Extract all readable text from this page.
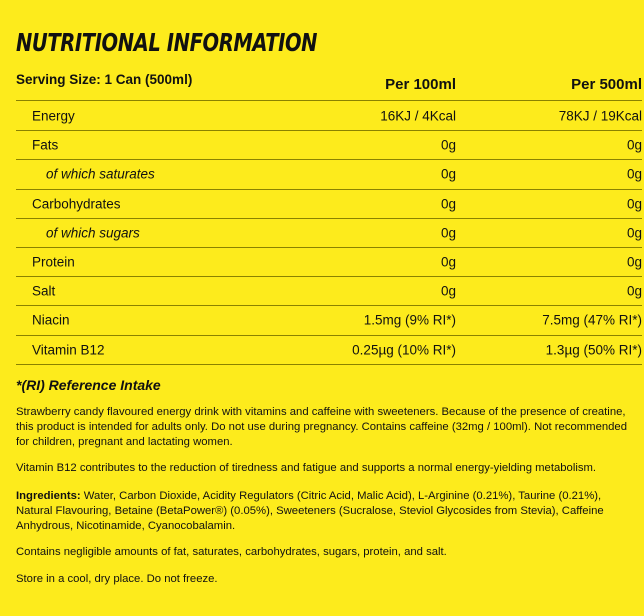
NUTRITIONAL INFORMATION
Serving Size: 1 Can (500ml)	Per 100ml	Per 500ml
Energy	16KJ / 4Kcal	78KJ / 19Kcal
Fats	0g	0g
of which saturates	0g	0g
Carbohydrates	0g	0g
of which sugars	0g	0g
Protein	0g	0g
Salt	0g	0g
Niacin	1.5mg (9% RI*)	7.5mg (47% RI*)
Vitamin B12	0.25µg (10% RI*)	1.3µg (50% RI*)
*(RI) Reference Intake

Strawberry candy flavoured energy drink with vitamins and caffeine with sweeteners. Because of the presence of creatine, this product is intended for adults only. Do not use during pregnancy. Contains caffeine (32mg / 100ml). Not recommended for children, pregnant and lactating women.

Vitamin B12 contributes to the reduction of tiredness and fatigue and supports a normal energy-yielding metabolism.

Ingredients: Water, Carbon Dioxide, Acidity Regulators (Citric Acid, Malic Acid), L-Arginine (0.21%), Taurine (0.21%), Natural Flavouring, Betaine (BetaPower®) (0.05%), Sweeteners (Sucralose, Steviol Glycosides from Stevia), Caffeine Anhydrous, Nicotinamide, Cyanocobalamin.

Contains negligible amounts of fat, saturates, carbohydrates, sugars, protein, and salt.

Store in a cool, dry place. Do not freeze.
